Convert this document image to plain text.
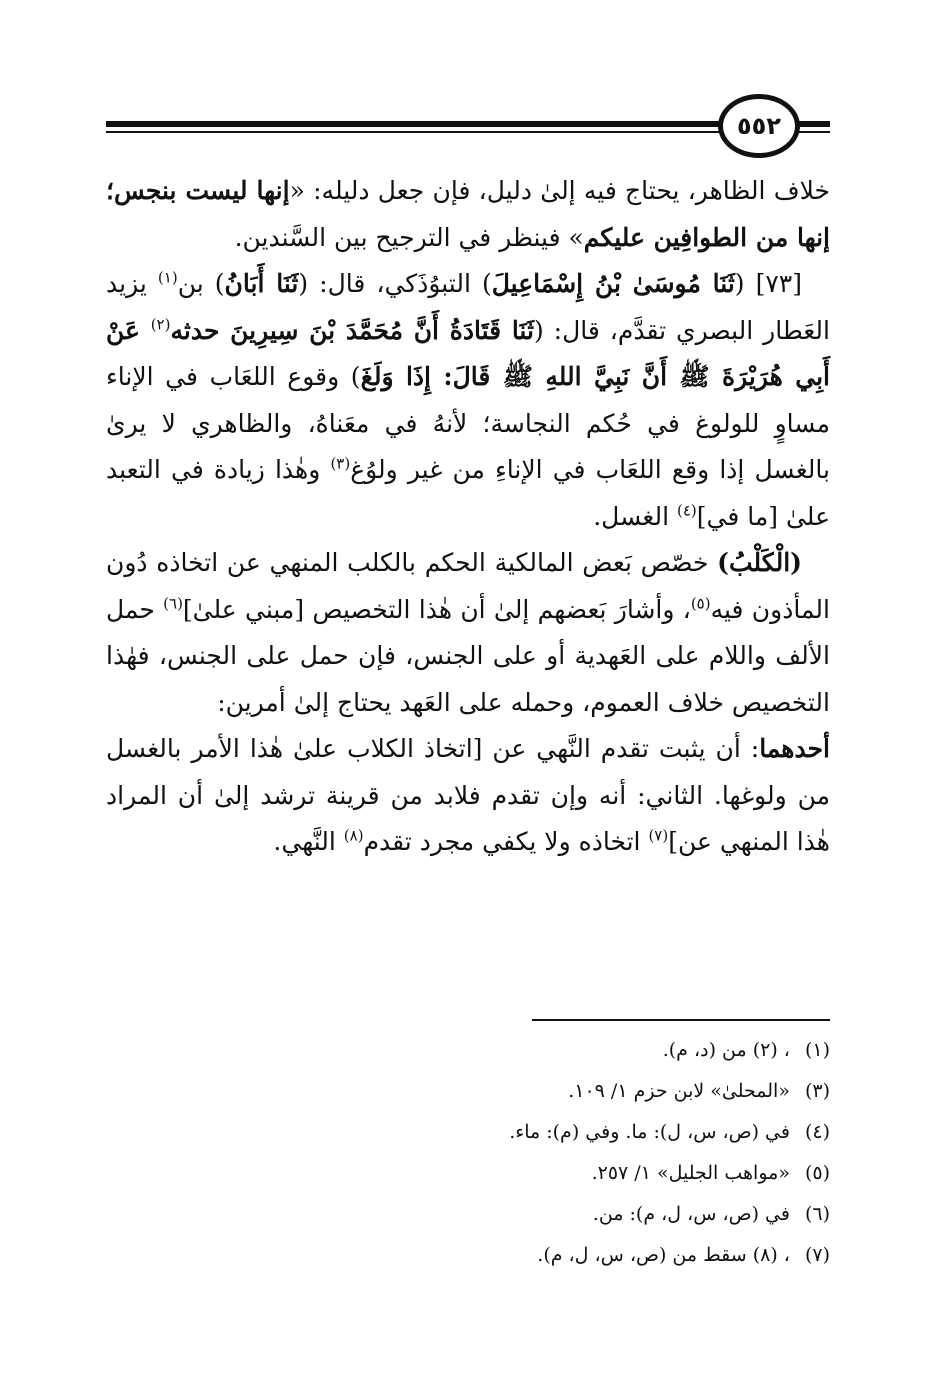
٥٥٢

خلاف الظاهر، يحتاج فيه إلىٰ دليل، فإن جعل دليله: «إنها ليست بنجس؛ إنها من الطوافِين عليكم» فينظر في الترجيح بين السَّندين.

[٧٣] (ثَنَا مُوسَىٰ بْنُ إِسْمَاعِيلَ) التبوُذَكي، قال: (ثَنَا أَبَانُ) بن$^{(١)}$ يزيد العَطار البصري تقدَّم، قال: (ثَنَا قَتَادَةُ أَنَّ مُحَمَّدَ بْنَ سِيرِينَ حدثه$^{(٢)}$ عَنْ أَبِي هُرَيْرَةَ ﷺ أَنَّ نَبِيَّ اللهِ ﷺ قَالَ: إِذَا وَلَغَ) وقوع اللعَاب في الإناء مساوٍ للولوغ في حُكم النجاسة؛ لأنهُ في معَناهُ، والظاهري لا يرىٰ بالغسل إذا وقع اللعَاب في الإناءِ من غير ولوُغ$^{(٣)}$ وهٰذا زيادة في التعبد علىٰ [ما في]$^{(٤)}$ الغسل.

(الْكَلْبُ) خصّص بَعض المالكية الحكم بالكلب المنهي عن اتخاذه دُون المأذون فيه$^{(٥)}$، وأشارَ بَعضهم إلىٰ أن هٰذا التخصيص [مبني علىٰ]$^{(٦)}$ حمل الألف واللام على العَهدية أو على الجنس، فإن حمل على الجنس، فهٰذا التخصيص خلاف العموم، وحمله على العَهد يحتاج إلىٰ أمرين:

أحدهما: أن يثبت تقدم النَّهي عن [اتخاذ الكلاب علىٰ هٰذا الأمر بالغسل من ولوغها. الثاني: أنه وإن تقدم فلابد من قرينة ترشد إلىٰ أن المراد هٰذا المنهي عن]$^{(٧)}$ اتخاذه ولا يكفي مجرد تقدم$^{(٨)}$ النَّهي.

(١) ، (٢) من (د، م).
(٣) «المحلىٰ» لابن حزم ١/ ١٠٩.
(٤) في (ص، س، ل): ما. وفي (م): ماء.
(٥) «مواهب الجليل» ١/ ٢٥٧.
(٦) في (ص، س، ل، م): من.
(٧) ، (٨) سقط من (ص، س، ل، م).
